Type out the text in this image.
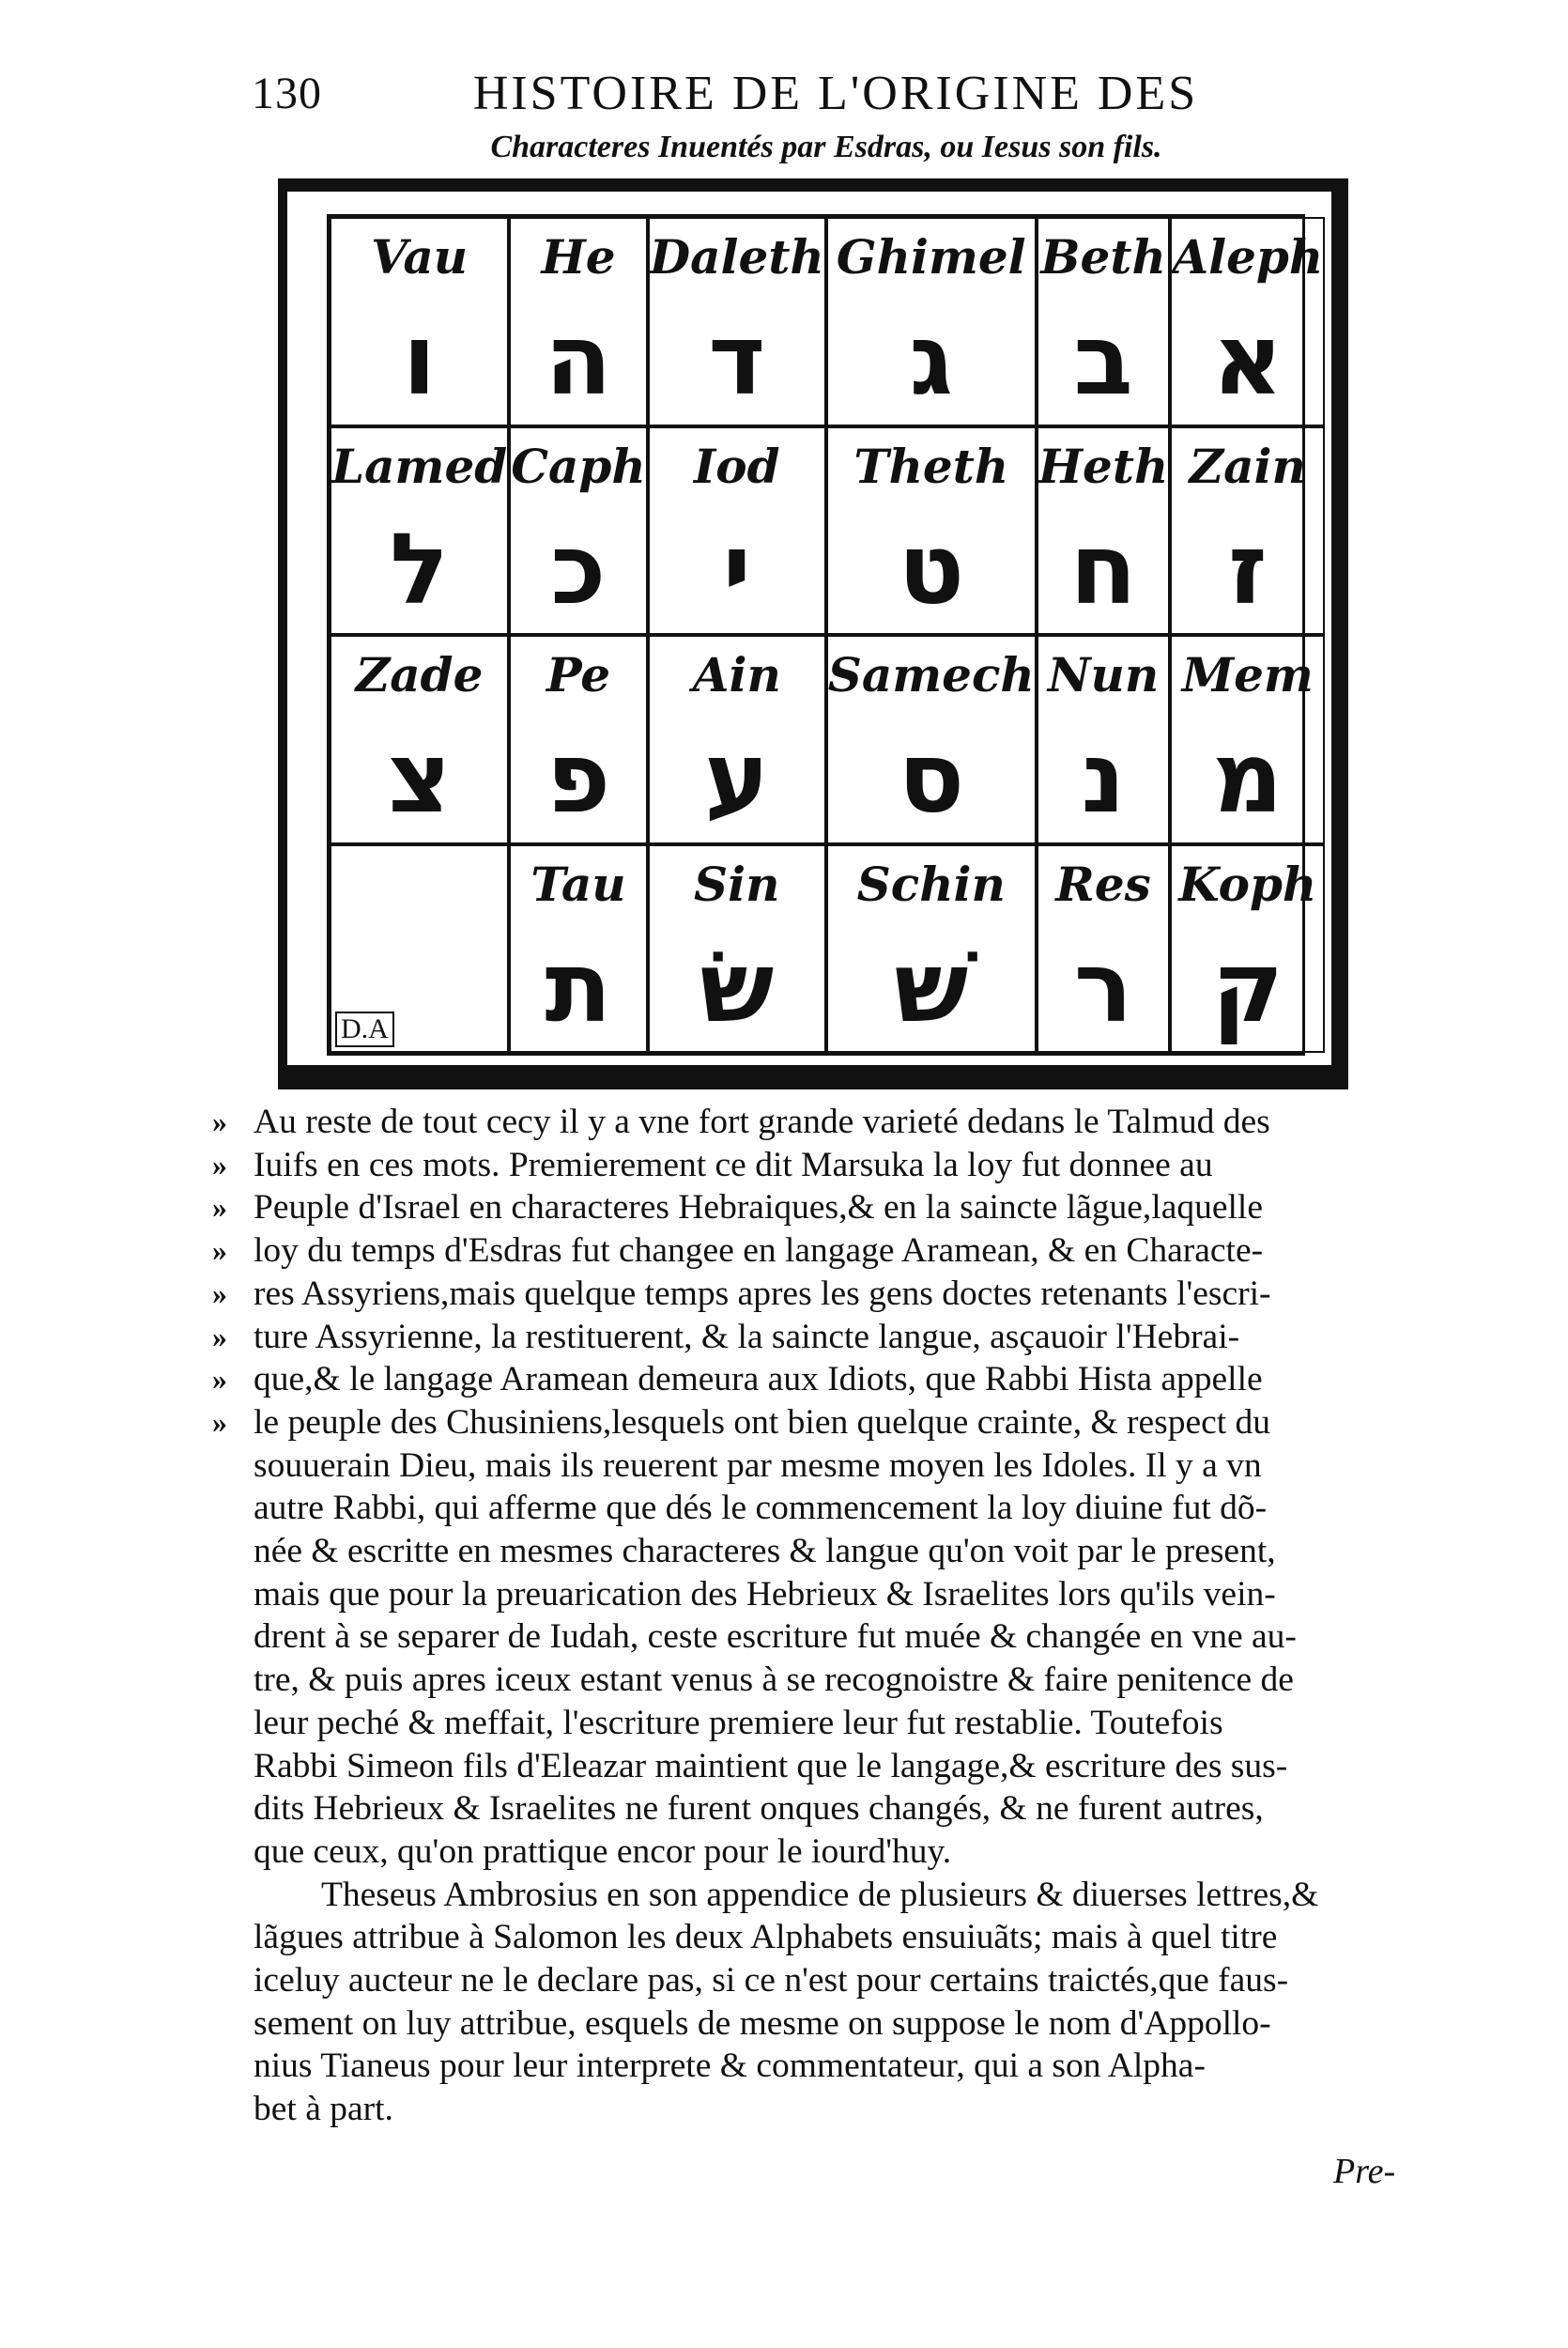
130	HISTOIRE DE L'ORIGINE DES
Characteres Inuentés par Esdras, ou Iesus son fils.
Vau
ו
He
ה
Daleth
ד
Ghimel
ג
Beth
ב
Aleph
א
Lamed
ל
Caph
כ
Iod
י
Theth
ט
Heth
ח
Zain
ז
Zade
צ
Pe
פ
Ain
ע
Samech
ס
Nun
נ
Mem
מ
D.A
Tau
ת
Sin
שׂ
Schin
שׁ
Res
ר
Koph
ק
» Au reste de tout cecy il y a vne fort grande varieté dedans le Talmud des
» Iuifs en ces mots. Premierement ce dit Marsuka la loy fut donnee au
» Peuple d'Israel en characteres Hebraiques,& en la saincte lãgue,laquelle
» loy du temps d'Esdras fut changee en langage Aramean, & en Characte-
» res Assyriens,mais quelque temps apres les gens doctes retenants l'escri-
» ture Assyrienne, la restituerent, & la saincte langue, asçauoir l'Hebrai-
» que,& le langage Aramean demeura aux Idiots, que Rabbi Hista appelle
» le peuple des Chusiniens,lesquels ont bien quelque crainte, & respect du
souuerain Dieu, mais ils reuerent par mesme moyen les Idoles. Il y a vn
autre Rabbi, qui afferme que dés le commencement la loy diuine fut dõ-
née & escritte en mesmes characteres & langue qu'on voit par le present,
mais que pour la preuarication des Hebrieux & Israelites lors qu'ils vein-
drent à se separer de Iudah, ceste escriture fut muée & changée en vne au-
tre, & puis apres iceux estant venus à se recognoistre & faire penitence de
leur peché & meffait, l'escriture premiere leur fut restablie. Toutefois
Rabbi Simeon fils d'Eleazar maintient que le langage,& escriture des sus-
dits Hebrieux & Israelites ne furent onques changés, & ne furent autres,
que ceux, qu'on prattique encor pour le iourd'huy.
Theseus Ambrosius en son appendice de plusieurs & diuerses lettres,&
lãgues attribue à Salomon les deux Alphabets ensuiuãts; mais à quel titre
iceluy aucteur ne le declare pas, si ce n'est pour certains traictés,que faus-
sement on luy attribue, esquels de mesme on suppose le nom d'Appollo-
nius Tianeus pour leur interprete & commentateur, qui a son Alpha-
bet à part.
Pre-
